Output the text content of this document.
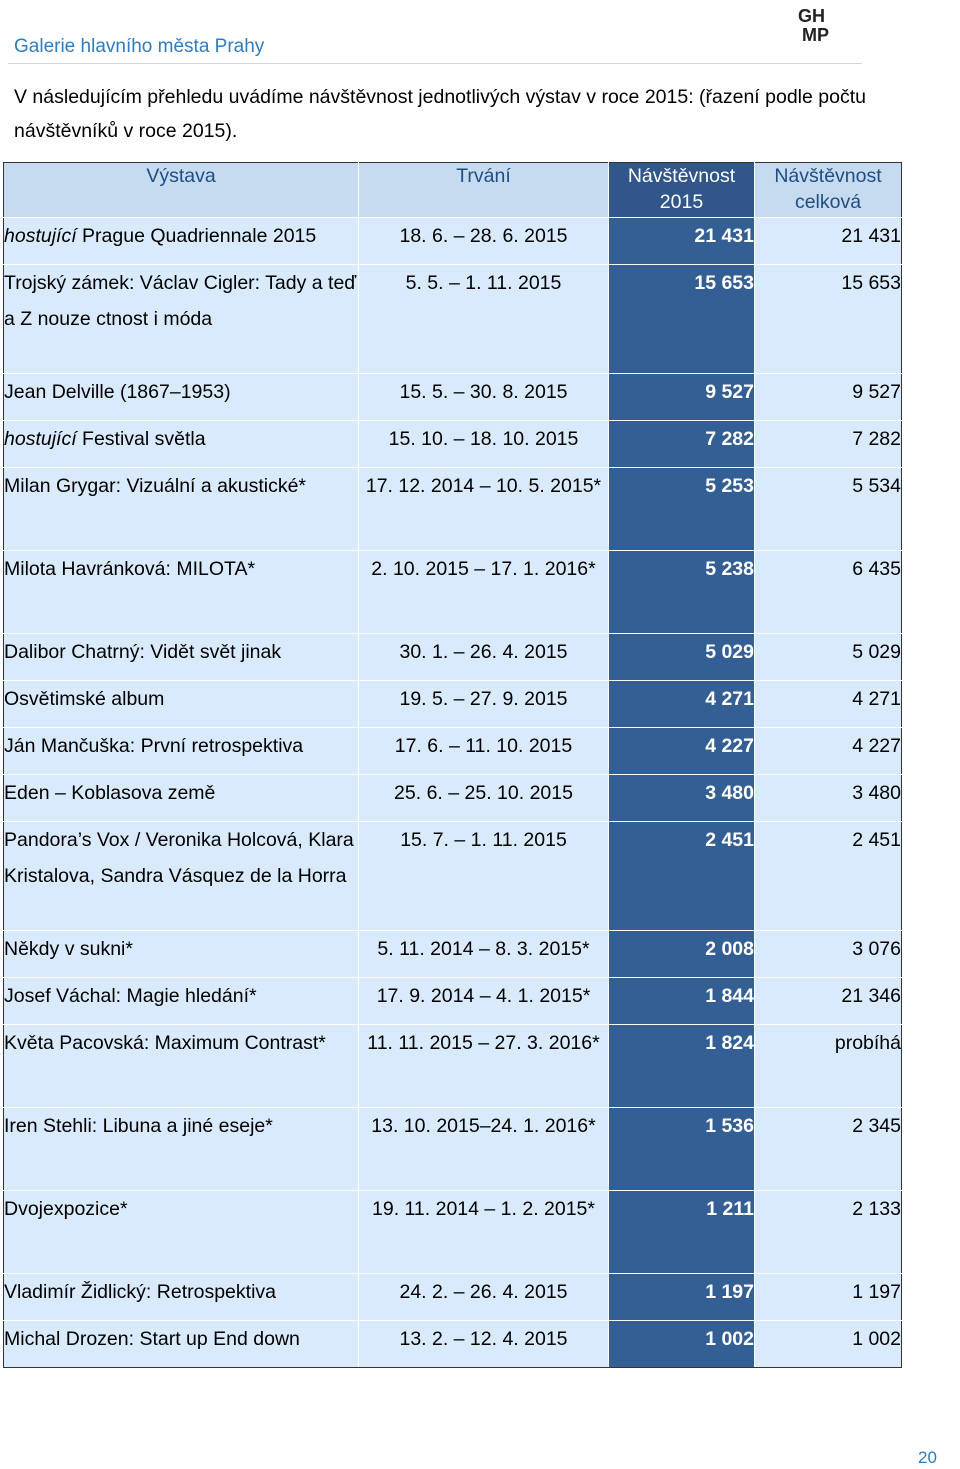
Galerie hlavního města Prahy
GH
MP
V následujícím přehledu uvádíme návštěvnost jednotlivých výstav v roce 2015: (řazení podle počtu návštěvníků v roce 2015).
Výstava	Trvání	Návštěvnost 2015	Návštěvnost celková
hostující Prague Quadriennale 2015	18. 6. – 28. 6. 2015	21 431	21 431
Trojský zámek: Václav Cigler: Tady a teď a Z nouze ctnost i móda	5. 5. – 1. 11. 2015	15 653	15 653
Jean Delville (1867–1953)	15. 5. – 30. 8. 2015	9 527	9 527
hostující Festival světla	15. 10. – 18. 10. 2015	7 282	7 282
Milan Grygar: Vizuální a akustické*	17. 12. 2014 – 10. 5. 2015*	5 253	5 534
Milota Havránková: MILOTA*	2. 10. 2015 – 17. 1. 2016*	5 238	6 435
Dalibor Chatrný: Vidět svět jinak	30. 1. – 26. 4. 2015	5 029	5 029
Osvětimské album	19. 5. – 27. 9. 2015	4 271	4 271
Ján Mančuška: První retrospektiva	17. 6. – 11. 10. 2015	4 227	4 227
Eden – Koblasova země	25. 6. – 25. 10. 2015	3 480	3 480
Pandora’s Vox / Veronika Holcová, Klara Kristalova, Sandra Vásquez de la Horra	15. 7. – 1. 11. 2015	2 451	2 451
Někdy v sukni*	5. 11. 2014 – 8. 3. 2015*	2 008	3 076
Josef Váchal: Magie hledání*	17. 9. 2014 – 4. 1. 2015*	1 844	21 346
Květa Pacovská: Maximum Contrast*	11. 11. 2015 – 27. 3. 2016*	1 824	probíhá
Iren Stehli: Libuna a jiné eseje*	13. 10. 2015–24. 1. 2016*	1 536	2 345
Dvojexpozice*	19. 11. 2014 – 1. 2. 2015*	1 211	2 133
Vladimír Židlický: Retrospektiva	24. 2. – 26. 4. 2015	1 197	1 197
Michal Drozen: Start up End down	13. 2. – 12. 4. 2015	1 002	1 002
20
